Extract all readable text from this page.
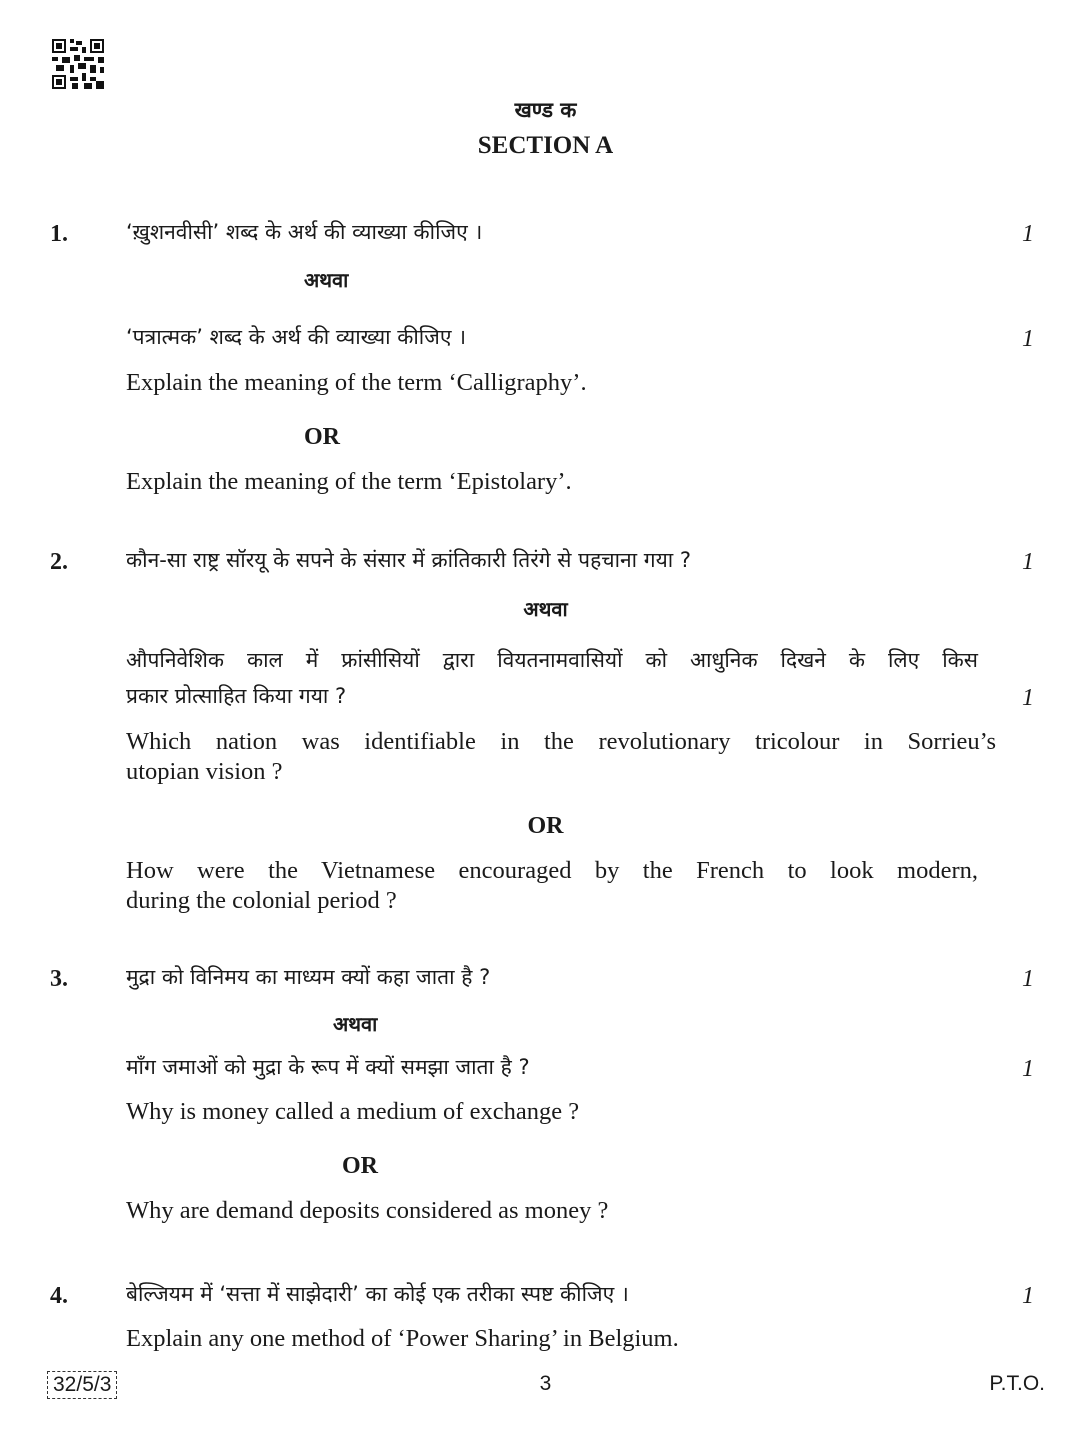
खण्ड क
SECTION A
1.	‘ख़ुशनवीसी’ शब्द के अर्थ की व्याख्या कीजिए ।	1
अथवा
‘पत्रात्मक’ शब्द के अर्थ की व्याख्या कीजिए ।	1
Explain the meaning of the term ‘Calligraphy’.
OR
Explain the meaning of the term ‘Epistolary’.
2.	कौन-सा राष्ट्र सॉरयू के सपने के संसार में क्रांतिकारी तिरंगे से पहचाना गया ?	1
अथवा
औपनिवेशिक काल में फ्रांसीसियों द्वारा वियतनामवासियों को आधुनिक दिखने के लिए किस
प्रकार प्रोत्साहित किया गया ?	1
Which nation was identifiable in the revolutionary tricolour in Sorrieu’s
utopian vision ?
OR
How were the Vietnamese encouraged by the French to look modern,
during the colonial period ?
3.	मुद्रा को विनिमय का माध्यम क्यों कहा जाता है ?	1
अथवा
माँग जमाओं को मुद्रा के रूप में क्यों समझा जाता है ?	1
Why is money called a medium of exchange ?
OR
Why are demand deposits considered as money ?
4.	बेल्जियम में ‘सत्ता में साझेदारी’ का कोई एक तरीका स्पष्ट कीजिए ।	1
Explain any one method of ‘Power Sharing’ in Belgium.
32/5/3	3	P.T.O.
